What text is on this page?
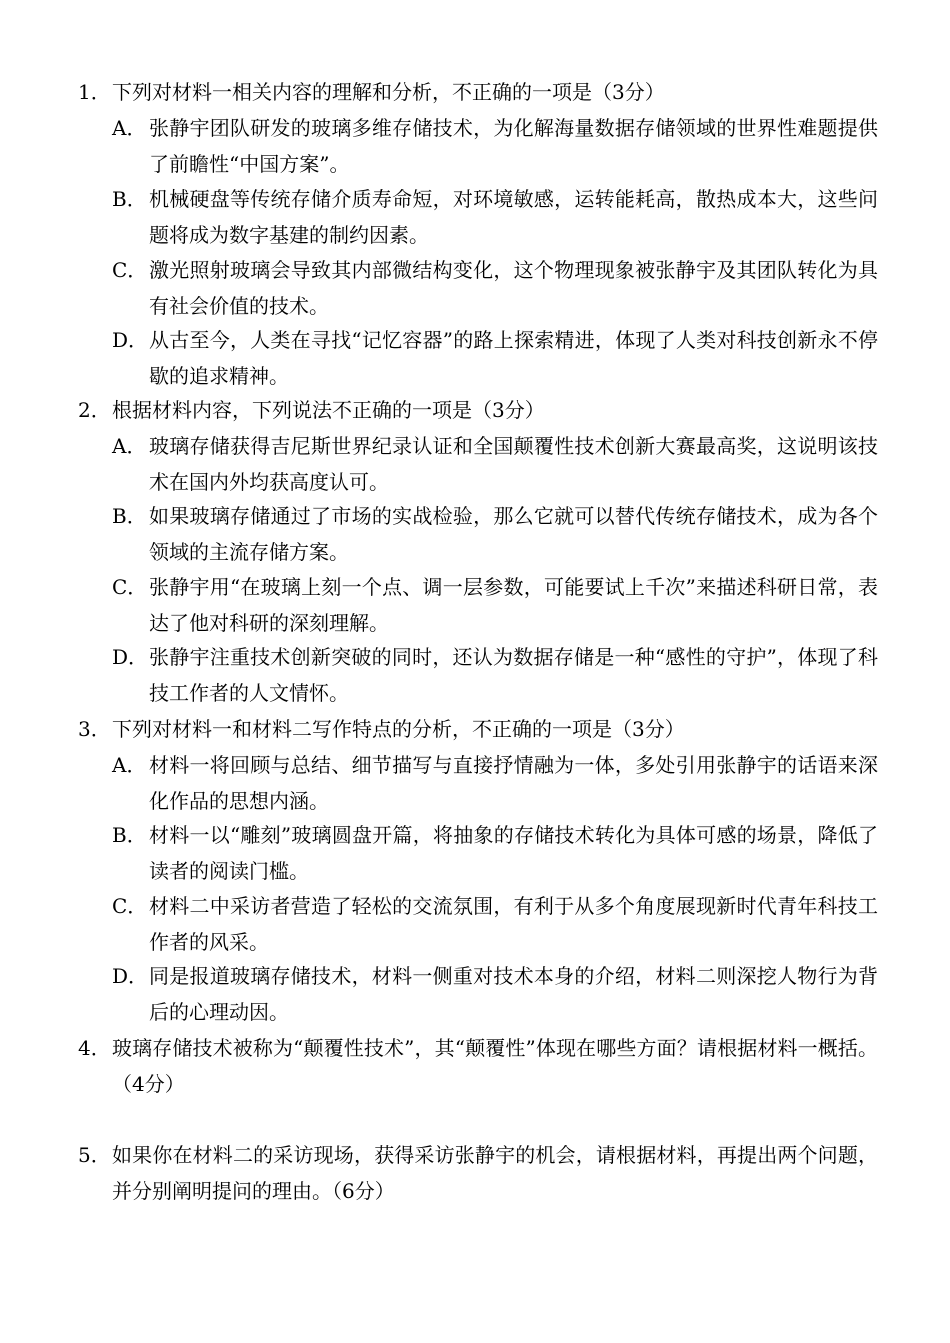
1． 下列对材料一相关内容的理解和分析，不正确的一项是（3分）
A． 张静宇团队研发的玻璃多维存储技术，为化解海量数据存储领域的世界性难题提供了前瞻性“中国方案”。
B． 机械硬盘等传统存储介质寿命短，对环境敏感，运转能耗高，散热成本大，这些问题将成为数字基建的制约因素。
C． 激光照射玻璃会导致其内部微结构变化，这个物理现象被张静宇及其团队转化为具有社会价值的技术。
D． 从古至今，人类在寻找“记忆容器”的路上探索精进，体现了人类对科技创新永不停歇的追求精神。
2． 根据材料内容，下列说法不正确的一项是（3分）
A． 玻璃存储获得吉尼斯世界纪录认证和全国颠覆性技术创新大赛最高奖，这说明该技术在国内外均获高度认可。
B． 如果玻璃存储通过了市场的实战检验，那么它就可以替代传统存储技术，成为各个领域的主流存储方案。
C． 张静宇用“在玻璃上刻一个点、调一层参数，可能要试上千次”来描述科研日常，表达了他对科研的深刻理解。
D． 张静宇注重技术创新突破的同时，还认为数据存储是一种“感性的守护”，体现了科技工作者的人文情怀。
3． 下列对材料一和材料二写作特点的分析，不正确的一项是（3分）
A． 材料一将回顾与总结、细节描写与直接抒情融为一体，多处引用张静宇的话语来深化作品的思想内涵。
B． 材料一以“雕刻”玻璃圆盘开篇，将抽象的存储技术转化为具体可感的场景，降低了读者的阅读门槛。
C． 材料二中采访者营造了轻松的交流氛围，有利于从多个角度展现新时代青年科技工作者的风采。
D． 同是报道玻璃存储技术，材料一侧重对技术本身的介绍，材料二则深挖人物行为背后的心理动因。
4． 玻璃存储技术被称为“颠覆性技术”，其“颠覆性”体现在哪些方面？请根据材料一概括。（4分）
5． 如果你在材料二的采访现场，获得采访张静宇的机会，请根据材料，再提出两个问题，并分别阐明提问的理由。（6分）
